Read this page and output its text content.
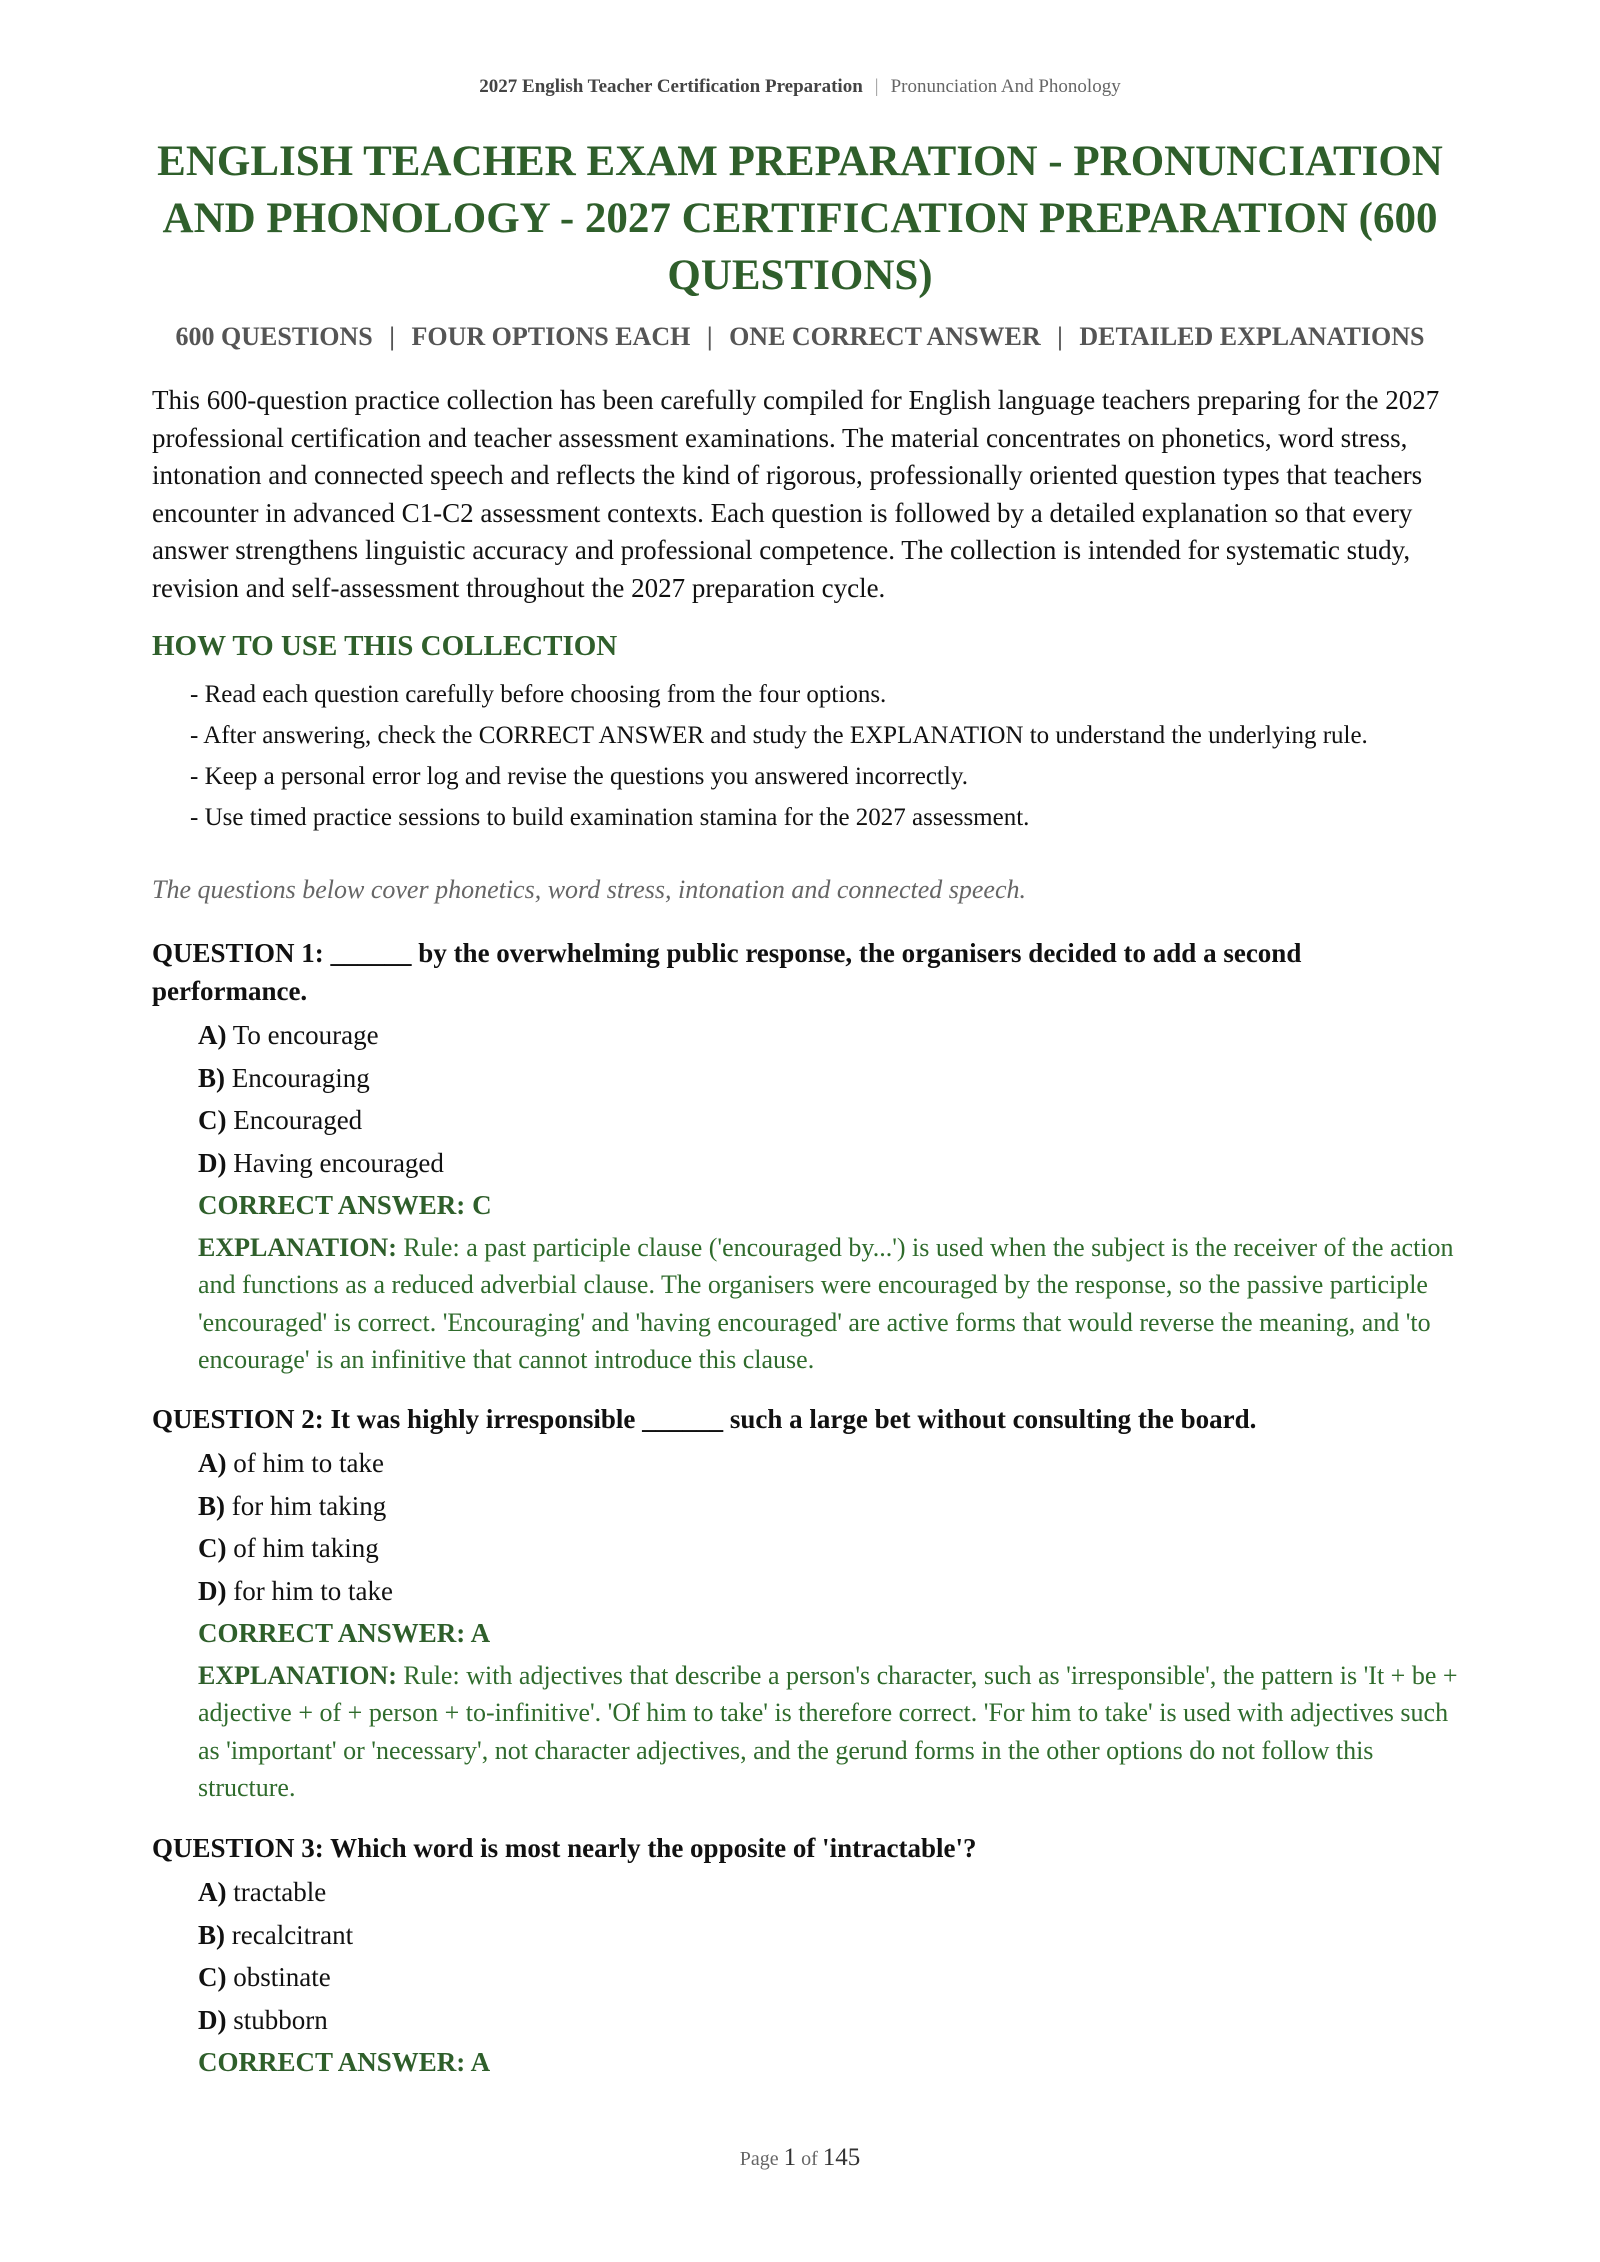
2027 English Teacher Certification Preparation | Pronunciation And Phonology
ENGLISH TEACHER EXAM PREPARATION - PRONUNCIATION AND PHONOLOGY - 2027 CERTIFICATION PREPARATION (600 QUESTIONS)
600 QUESTIONS | FOUR OPTIONS EACH | ONE CORRECT ANSWER | DETAILED EXPLANATIONS

This 600-question practice collection has been carefully compiled for English language teachers preparing for the 2027 professional certification and teacher assessment examinations. The material concentrates on phonetics, word stress, intonation and connected speech and reflects the kind of rigorous, professionally oriented question types that teachers encounter in advanced C1-C2 assessment contexts. Each question is followed by a detailed explanation so that every answer strengthens linguistic accuracy and professional competence. The collection is intended for systematic study, revision and self-assessment throughout the 2027 preparation cycle.

HOW TO USE THIS COLLECTION
- Read each question carefully before choosing from the four options.
- After answering, check the CORRECT ANSWER and study the EXPLANATION to understand the underlying rule.
- Keep a personal error log and revise the questions you answered incorrectly.
- Use timed practice sessions to build examination stamina for the 2027 assessment.

The questions below cover phonetics, word stress, intonation and connected speech.

QUESTION 1: ______ by the overwhelming public response, the organisers decided to add a second performance.

A) To encourage
B) Encouraging
C) Encouraged
D) Having encouraged
CORRECT ANSWER: C
EXPLANATION: Rule: a past participle clause ('encouraged by...') is used when the subject is the receiver of the action and functions as a reduced adverbial clause. The organisers were encouraged by the response, so the passive participle 'encouraged' is correct. 'Encouraging' and 'having encouraged' are active forms that would reverse the meaning, and 'to encourage' is an infinitive that cannot introduce this clause.

QUESTION 2: It was highly irresponsible ______ such a large bet without consulting the board.

A) of him to take
B) for him taking
C) of him taking
D) for him to take
CORRECT ANSWER: A
EXPLANATION: Rule: with adjectives that describe a person's character, such as 'irresponsible', the pattern is 'It + be + adjective + of + person + to-infinitive'. 'Of him to take' is therefore correct. 'For him to take' is used with adjectives such as 'important' or 'necessary', not character adjectives, and the gerund forms in the other options do not follow this structure.

QUESTION 3: Which word is most nearly the opposite of 'intractable'?

A) tractable
B) recalcitrant
C) obstinate
D) stubborn
CORRECT ANSWER: A
Page 1 of 145
